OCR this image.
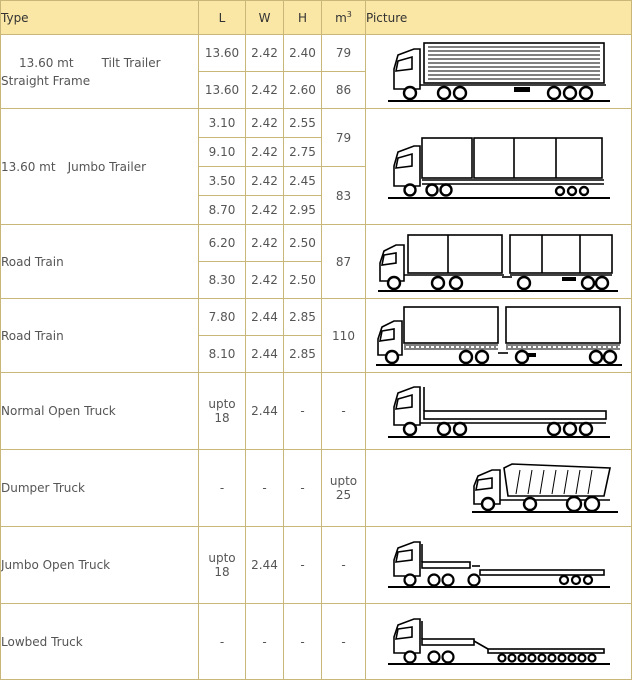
Type	L	W	H	$m^3$	Picture

13.60 mt Tilt Trailer
Straight Frame	13.60	2.42	2.40	79	

	13.60	2.42	2.60	86	
13.60 mt Jumbo Trailer	3.10	2.42	2.55	79	

	9.10	2.42	2.75		
	3.50	2.42	2.45	83	
	8.70	2.42	2.95		
Road Train	6.20	2.42	2.50	87	

	8.30	2.42	2.50		
Road Train	7.80	2.44	2.85	110	

	8.10	2.44	2.85		
Normal Open Truck	upto 18	2.44	-	-	

Dumper Truck	-	-	-	upto 25	

Jumbo Open Truck	upto 18	2.44	-	-	

Lowbed Truck	-	-	-	-	
